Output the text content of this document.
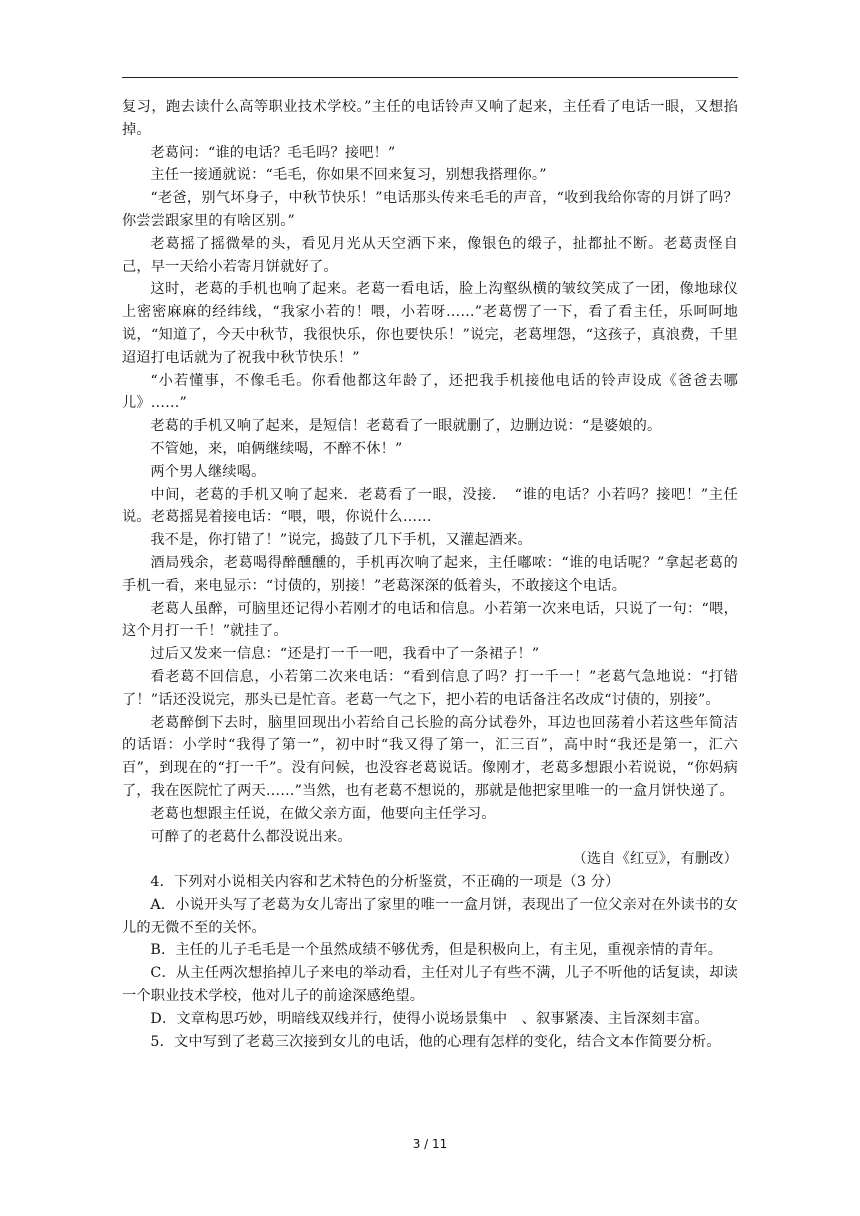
复习，跑去读什么高等职业技术学校。”主任的电话铃声又响了起来，主任看了电话一眼，又想掐掉。

老葛问：“谁的电话？毛毛吗？接吧！”

主任一接通就说：“毛毛，你如果不回来复习，别想我搭理你。”

“老爸，别气坏身子，中秋节快乐！”电话那头传来毛毛的声音，“收到我给你寄的月饼了吗？你尝尝跟家里的有啥区别。”

老葛摇了摇微晕的头，看见月光从天空洒下来，像银色的缎子，扯都扯不断。老葛责怪自己，早一天给小若寄月饼就好了。

这时，老葛的手机也响了起来。老葛一看电话，脸上沟壑纵横的皱纹笑成了一团，像地球仪上密密麻麻的经纬线，“我家小若的！喂，小若呀……”老葛愣了一下，看了看主任，乐呵呵地说，“知道了，今天中秋节，我很快乐，你也要快乐！”说完，老葛埋怨，“这孩子，真浪费，千里迢迢打电话就为了祝我中秋节快乐！”

“小若懂事，不像毛毛。你看他都这年龄了，还把我手机接他电话的铃声设成《爸爸去哪儿》……”

老葛的手机又响了起来，是短信！老葛看了一眼就删了，边删边说：“是婆娘的。

不管她，来，咱俩继续喝，不醉不休！”

两个男人继续喝。

中间，老葛的手机又响了起来．老葛看了一眼，没接．　“谁的电话？小若吗？接吧！”主任说。老葛摇晃着接电话：“喂，喂，你说什么……

我不是，你打错了！”说完，捣鼓了几下手机，又灌起酒来。

酒局残余，老葛喝得醉醺醺的，手机再次响了起来，主任嘟哝：“谁的电话呢？”拿起老葛的手机一看，来电显示：“讨债的，别接！”老葛深深的低着头，不敢接这个电话。

老葛人虽醉，可脑里还记得小若刚才的电话和信息。小若第一次来电话，只说了一句：“喂，这个月打一千！”就挂了。

过后又发来一信息：“还是打一千一吧，我看中了一条裙子！”

看老葛不回信息，小若第二次来电话：“看到信息了吗？打一千一！”老葛气急地说：“打错了！”话还没说完，那头已是忙音。老葛一气之下，把小若的电话备注名改成“讨债的，别接”。

老葛醉倒下去时，脑里回现出小若给自己长脸的高分试卷外，耳边也回荡着小若这些年简洁的话语：小学时“我得了第一”，初中时“我又得了第一，汇三百”，高中时“我还是第一，汇六百”，到现在的“打一千”。没有问候，也没容老葛说话。像刚才，老葛多想跟小若说说，“你妈病了，我在医院忙了两天……”当然，也有老葛不想说的，那就是他把家里唯一的一盒月饼快递了。

老葛也想跟主任说，在做父亲方面，他要向主任学习。

可醉了的老葛什么都没说出来。

（选自《红豆》，有删改）

4．下列对小说相关内容和艺术特色的分析鉴赏，不正确的一项是（3 分）

A．小说开头写了老葛为女儿寄出了家里的唯一一盒月饼，表现出了一位父亲对在外读书的女儿的无微不至的关怀。

B．主任的儿子毛毛是一个虽然成绩不够优秀，但是积极向上，有主见，重视亲情的青年。

C．从主任两次想掐掉儿子来电的举动看，主任对儿子有些不满，儿子不听他的话复读，却读一个职业技术学校，他对儿子的前途深感绝望。

D．文章构思巧妙，明暗线双线并行，使得小说场景集中　、叙事紧凑、主旨深刻丰富。

5．文中写到了老葛三次接到女儿的电话，他的心理有怎样的变化，结合文本作简要分析。

3 / 11
